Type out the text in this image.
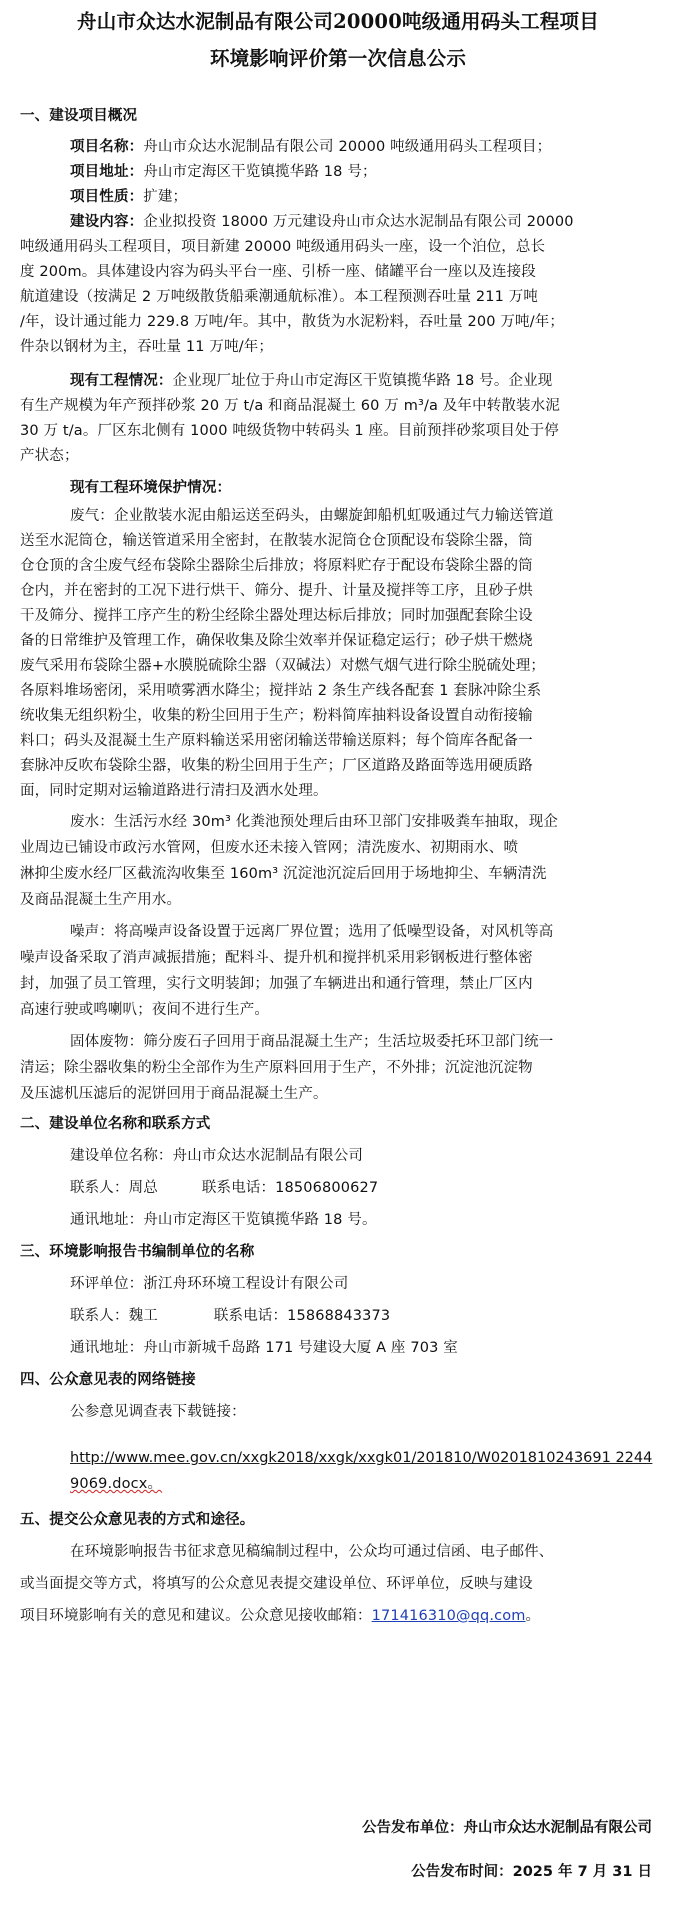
舟山市众达水泥制品有限公司20000吨级通用码头工程项目
环境影响评价第一次信息公示
一、建设项目概况
项目名称：舟山市众达水泥制品有限公司 20000 吨级通用码头工程项目；
项目地址：舟山市定海区干览镇揽华路 18 号；
项目性质：扩建；
建设内容：企业拟投资 18000 万元建设舟山市众达水泥制品有限公司 20000
吨级通用码头工程项目，项目新建 20000 吨级通用码头一座，设一个泊位，总长
度 200m。具体建设内容为码头平台一座、引桥一座、储罐平台一座以及连接段
航道建设（按满足 2 万吨级散货船乘潮通航标准）。本工程预测吞吐量 211 万吨
/年，设计通过能力 229.8 万吨/年。其中，散货为水泥粉料，吞吐量 200 万吨/年；
件杂以钢材为主，吞吐量 11 万吨/年；
现有工程情况：企业现厂址位于舟山市定海区干览镇揽华路 18 号。企业现
有生产规模为年产预拌砂浆 20 万 t/a 和商品混凝土 60 万 m³/a 及年中转散装水泥
30 万 t/a。厂区东北侧有 1000 吨级货物中转码头 1 座。目前预拌砂浆项目处于停
产状态；
现有工程环境保护情况：
废气：企业散装水泥由船运送至码头，由螺旋卸船机虹吸通过气力输送管道
送至水泥筒仓，输送管道采用全密封，在散装水泥筒仓仓顶配设布袋除尘器，筒
仓仓顶的含尘废气经布袋除尘器除尘后排放；将原料贮存于配设布袋除尘器的筒
仓内，并在密封的工况下进行烘干、筛分、提升、计量及搅拌等工序，且砂子烘
干及筛分、搅拌工序产生的粉尘经除尘器处理达标后排放；同时加强配套除尘设
备的日常维护及管理工作，确保收集及除尘效率并保证稳定运行；砂子烘干燃烧
废气采用布袋除尘器+水膜脱硫除尘器（双碱法）对燃气烟气进行除尘脱硫处理；
各原料堆场密闭，采用喷雾洒水降尘；搅拌站 2 条生产线各配套 1 套脉冲除尘系
统收集无组织粉尘，收集的粉尘回用于生产；粉料简库抽料设备设置自动衔接输
料口；码头及混凝土生产原料输送采用密闭输送带输送原料；每个筒库各配备一
套脉冲反吹布袋除尘器，收集的粉尘回用于生产；厂区道路及路面等选用硬质路
面，同时定期对运输道路进行清扫及洒水处理。
废水：生活污水经 30m³ 化粪池预处理后由环卫部门安排吸粪车抽取，现企
业周边已铺设市政污水管网，但废水还未接入管网；清洗废水、初期雨水、喷
淋抑尘废水经厂区截流沟收集至 160m³ 沉淀池沉淀后回用于场地抑尘、车辆清洗
及商品混凝土生产用水。
噪声：将高噪声设备设置于远离厂界位置；选用了低噪型设备，对风机等高
噪声设备采取了消声减振措施；配料斗、提升机和搅拌机采用彩钢板进行整体密
封，加强了员工管理，实行文明装卸；加强了车辆进出和通行管理，禁止厂区内
高速行驶或鸣喇叭；夜间不进行生产。
固体废物：筛分废石子回用于商品混凝土生产；生活垃圾委托环卫部门统一
清运；除尘器收集的粉尘全部作为生产原料回用于生产，不外排；沉淀池沉淀物
及压滤机压滤后的泥饼回用于商品混凝土生产。
二、建设单位名称和联系方式
建设单位名称：舟山市众达水泥制品有限公司
联系人：周总	联系电话：18506800627
通讯地址：舟山市定海区干览镇揽华路 18 号。
三、环境影响报告书编制单位的名称
环评单位：浙江舟环环境工程设计有限公司
联系人：魏工	联系电话：15868843373
通讯地址：舟山市新城千岛路 171 号建设大厦 A 座 703 室
四、公众意见表的网络链接
公参意见调查表下载链接：
http://www.mee.gov.cn/xxgk2018/xxgk/xxgk01/201810/W0201810243691 2244
9069.docx。
五、提交公众意见表的方式和途径。
在环境影响报告书征求意见稿编制过程中，公众均可通过信函、电子邮件、
或当面提交等方式，将填写的公众意见表提交建设单位、环评单位，反映与建设
项目环境影响有关的意见和建议。公众意见接收邮箱：171416310@qq.com。
公告发布单位：舟山市众达水泥制品有限公司
公告发布时间：2025 年 7 月 31 日
